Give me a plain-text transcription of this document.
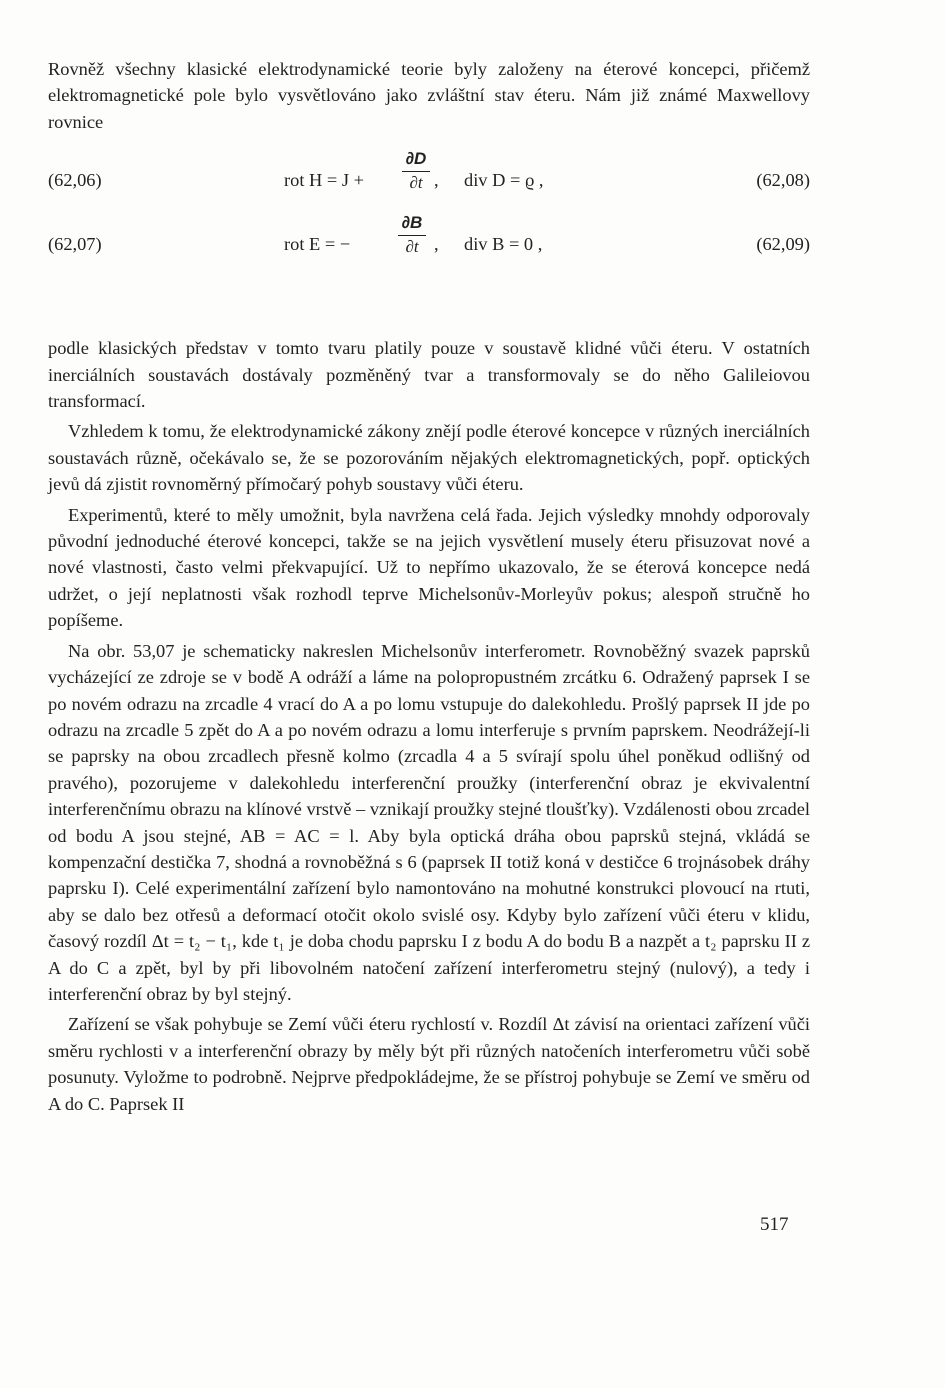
Rovněž všechny klasické elektrodynamické teorie byly založeny na éterové koncepci, přičemž elektromagnetické pole bylo vysvětlováno jako zvláštní stav éteru. Nám již známé Maxwellovy rovnice

(62,06)	rot $H = J + \frac{\partial D}{\partial t}$ , div D = ϱ ,	(62,08)
(62,07)	rot E = −	$\frac{\partial B}{\partial t}$ , div B = 0 ,	(62,09)

podle klasických představ v tomto tvaru platily pouze v soustavě klidné vůči éteru. V ostatních inerciálních soustavách dostávaly pozměněný tvar a transformovaly se do něho Galileiovou transformací.

Vzhledem k tomu, že elektrodynamické zákony znějí podle éterové koncepce v různých inerciálních soustavách různě, očekávalo se, že se pozorováním nějakých elektromagnetických, popř. optických jevů dá zjistit rovnoměrný přímočarý pohyb soustavy vůči éteru.

Experimentů, které to měly umožnit, byla navržena celá řada. Jejich výsledky mnohdy odporovaly původní jednoduché éterové koncepci, takže se na jejich vysvětlení musely éteru přisuzovat nové a nové vlastnosti, často velmi překvapující. Už to nepřímo ukazovalo, že se éterová koncepce nedá udržet, o její neplatnosti však rozhodl teprve Michelsonův-Morleyův pokus; alespoň stručně ho popíšeme.

Na obr. 53,07 je schematicky nakreslen Michelsonův interferometr. Rovnoběžný svazek paprsků vycházející ze zdroje se v bodě A odráží a láme na polopropustném zrcátku 6. Odražený paprsek I se po novém odrazu na zrcadle 4 vrací do A a po lomu vstupuje do dalekohledu. Prošlý paprsek II jde po odrazu na zrcadle 5 zpět do A a po novém odrazu a lomu interferuje s prvním paprskem. Neodrážejí-li se paprsky na obou zrcadlech přesně kolmo (zrcadla 4 a 5 svírají spolu úhel poněkud odlišný od pravého), pozorujeme v dalekohledu interferenční proužky (interferenční obraz je ekvivalentní interferenčnímu obrazu na klínové vrstvě – vznikají proužky stejné tloušťky). Vzdálenosti obou zrcadel od bodu A jsou stejné, AB = AC = l. Aby byla optická dráha obou paprsků stejná, vkládá se kompenzační destička 7, shodná a rovnoběžná s 6 (paprsek II totiž koná v destičce 6 trojnásobek dráhy paprsku I). Celé experimentální zařízení bylo namontováno na mohutné konstrukci plovoucí na rtuti, aby se dalo bez otřesů a deformací otočit okolo svislé osy. Kdyby bylo zařízení vůči éteru v klidu, časový rozdíl Δt = t₂ − t₁, kde t₁ je doba chodu paprsku I z bodu A do bodu B a nazpět a t₂ paprsku II z A do C a zpět, byl by při libovolném natočení zařízení interferometru stejný (nulový), a tedy i interferenční obraz by byl stejný.

Zařízení se však pohybuje se Zemí vůči éteru rychlostí v. Rozdíl Δt závisí na orientaci zařízení vůči směru rychlosti v a interferenční obrazy by měly být při různých natočeních interferometru vůči sobě posunuty. Vyložme to podrobně. Nejprve předpokládejme, že se přístroj pohybuje se Zemí ve směru od A do C. Paprsek II

517
